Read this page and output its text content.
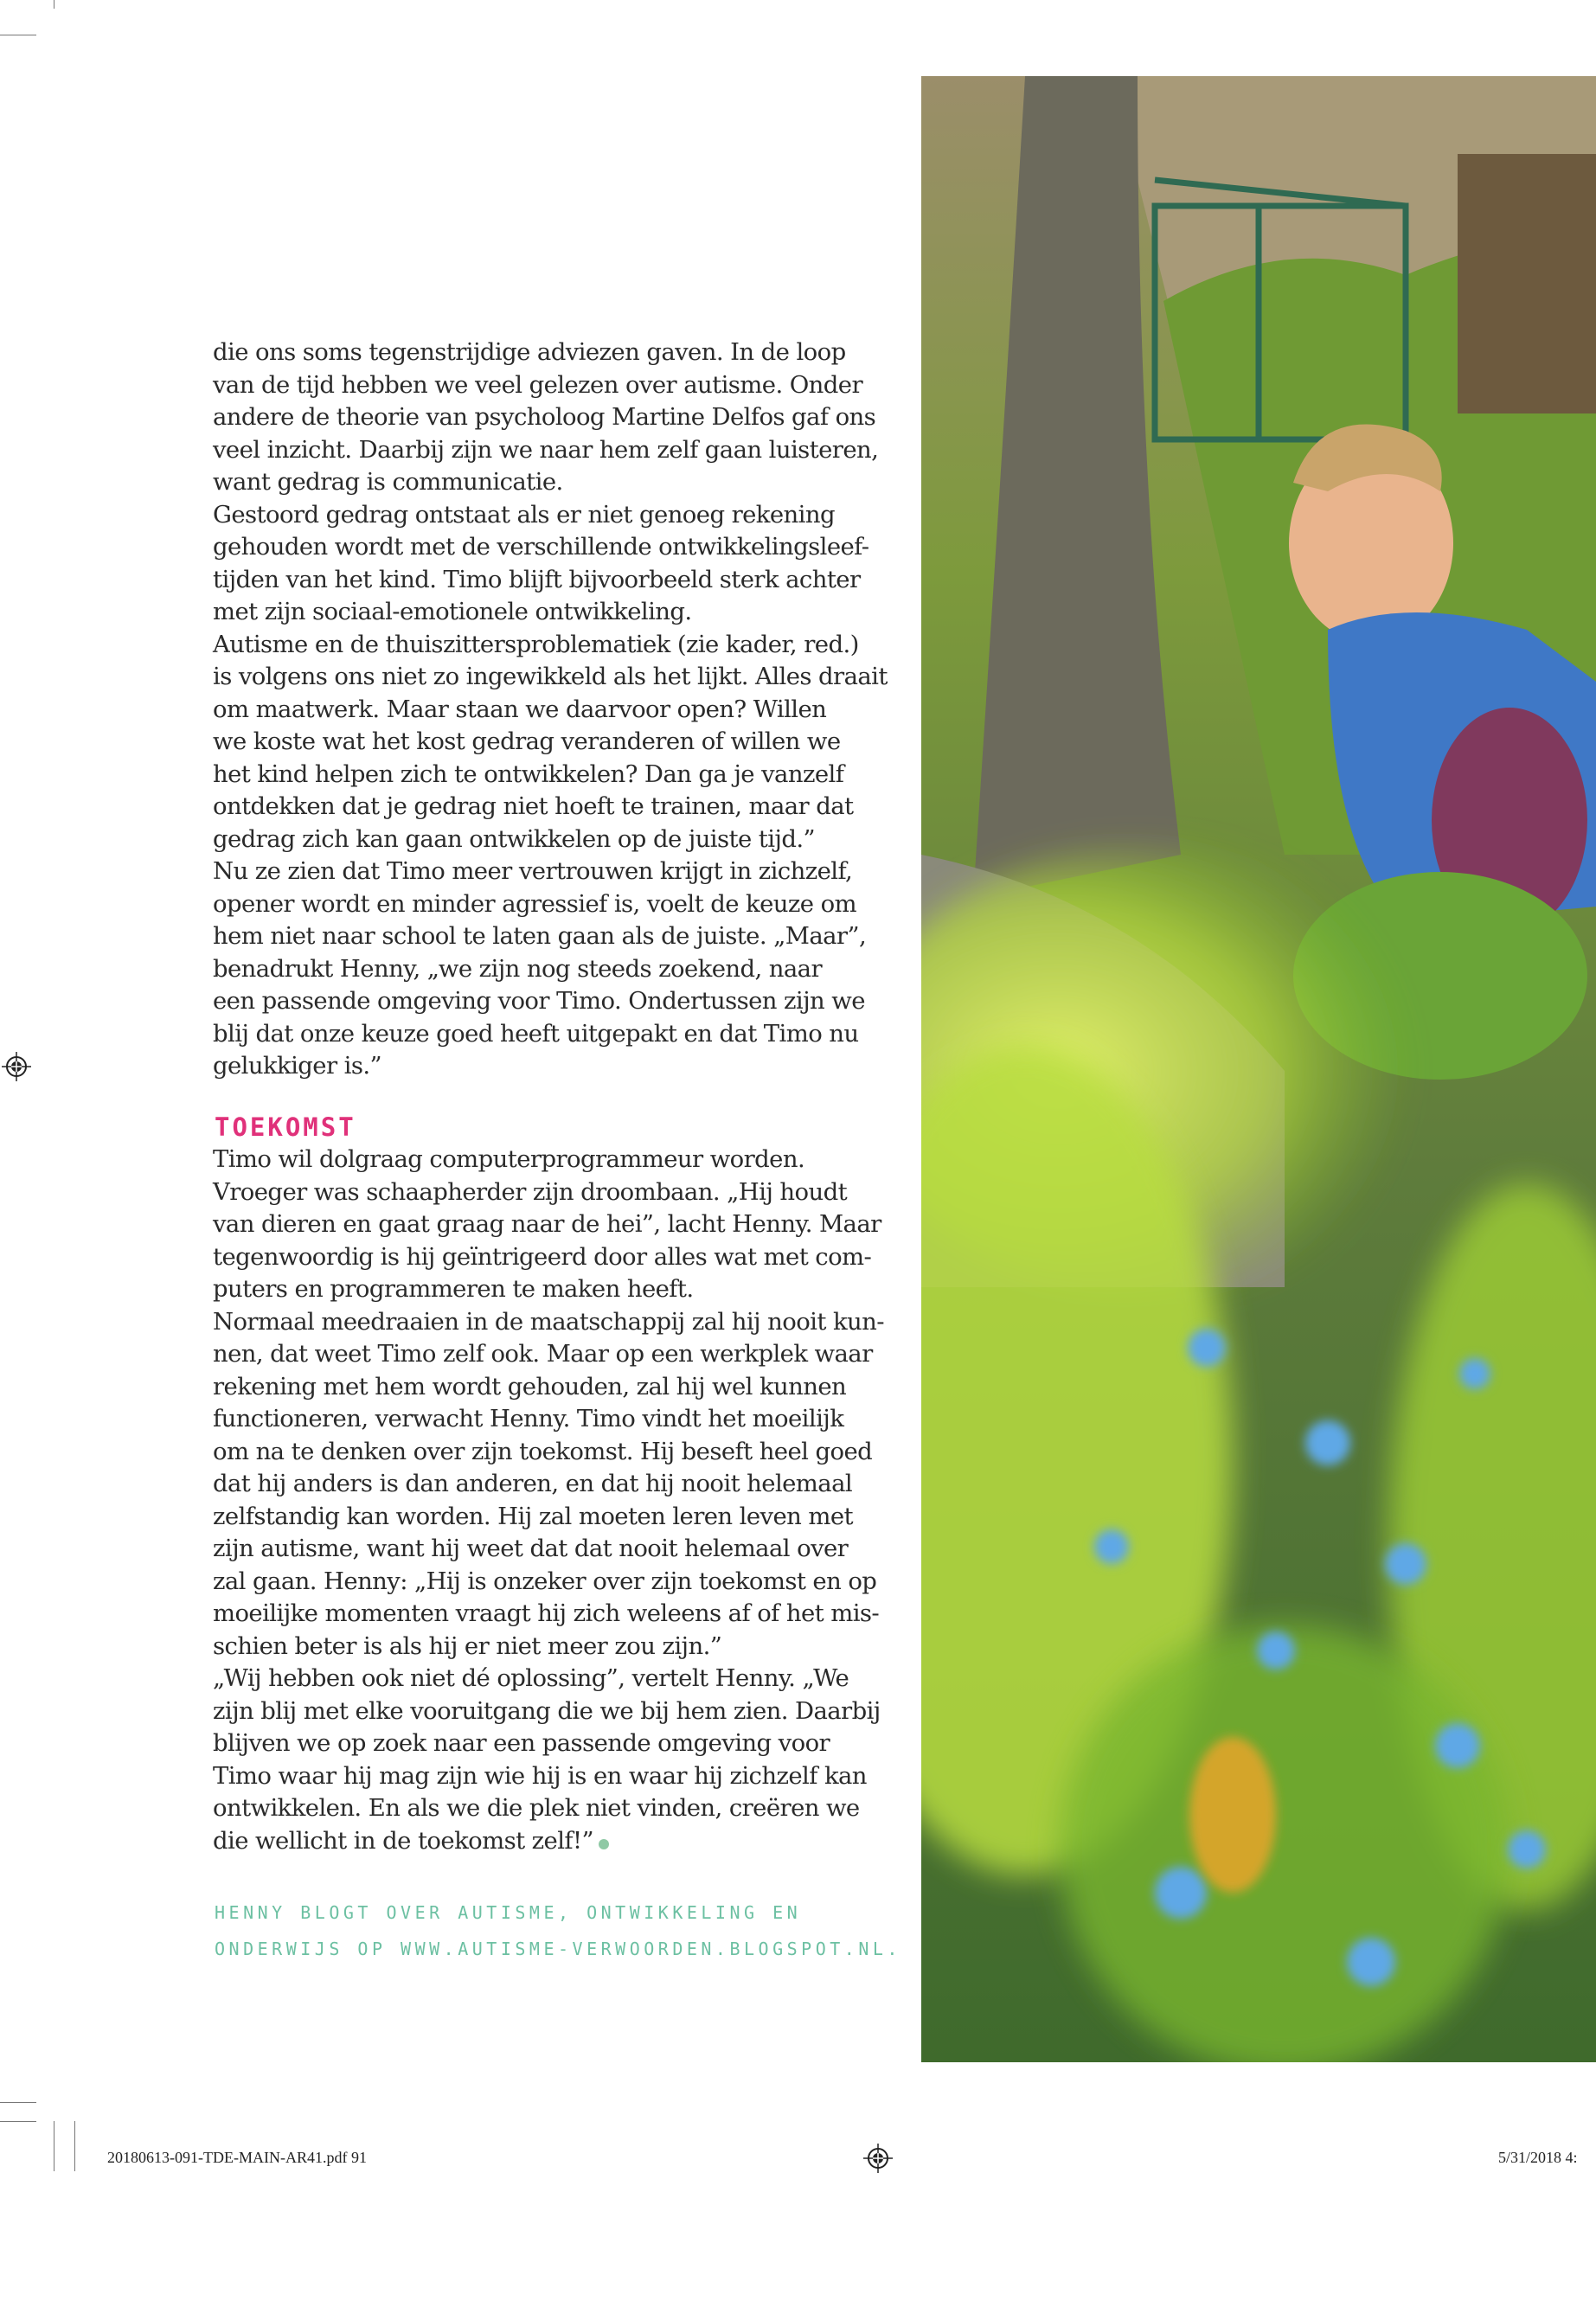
die ons soms tegenstrijdige adviezen gaven. In de loop
van de tijd hebben we veel gelezen over autisme. Onder
andere de theorie van psycholoog Martine Delfos gaf ons
veel inzicht. Daarbij zijn we naar hem zelf gaan luisteren,
want gedrag is communicatie.
Gestoord gedrag ontstaat als er niet genoeg rekening
gehouden wordt met de verschillende ontwikkelingsleef-
tijden van het kind. Timo blijft bijvoorbeeld sterk achter
met zijn sociaal-emotionele ontwikkeling.
Autisme en de thuiszittersproblematiek (zie kader, red.)
is volgens ons niet zo ingewikkeld als het lijkt. Alles draait
om maatwerk. Maar staan we daarvoor open? Willen
we koste wat het kost gedrag veranderen of willen we
het kind helpen zich te ontwikkelen? Dan ga je vanzelf
ontdekken dat je gedrag niet hoeft te trainen, maar dat
gedrag zich kan gaan ontwikkelen op de juiste tijd.”
Nu ze zien dat Timo meer vertrouwen krijgt in zichzelf,
opener wordt en minder agressief is, voelt de keuze om
hem niet naar school te laten gaan als de juiste. „Maar”,
benadrukt Henny, „we zijn nog steeds zoekend, naar
een passende omgeving voor Timo. Ondertussen zijn we
blij dat onze keuze goed heeft uitgepakt en dat Timo nu
gelukkiger is.”
TOEKOMST
Timo wil dolgraag computerprogrammeur worden.
Vroeger was schaapherder zijn droombaan. „Hij houdt
van dieren en gaat graag naar de hei”, lacht Henny. Maar
tegenwoordig is hij geïntrigeerd door alles wat met com-
puters en programmeren te maken heeft.
Normaal meedraaien in de maatschappij zal hij nooit kun-
nen, dat weet Timo zelf ook. Maar op een werkplek waar
rekening met hem wordt gehouden, zal hij wel kunnen
functioneren, verwacht Henny. Timo vindt het moeilijk
om na te denken over zijn toekomst. Hij beseft heel goed
dat hij anders is dan anderen, en dat hij nooit helemaal
zelfstandig kan worden. Hij zal moeten leren leven met
zijn autisme, want hij weet dat dat nooit helemaal over
zal gaan. Henny: „Hij is onzeker over zijn toekomst en op
moeilijke momenten vraagt hij zich weleens af of het mis-
schien beter is als hij er niet meer zou zijn.”
„Wij hebben ook niet dé oplossing”, vertelt Henny. „We
zijn blij met elke vooruitgang die we bij hem zien. Daarbij
blijven we op zoek naar een passende omgeving voor
Timo waar hij mag zijn wie hij is en waar hij zichzelf kan
ontwikkelen. En als we die plek niet vinden, creëren we
die wellicht in de toekomst zelf!”
HENNY BLOGT OVER AUTISME, ONTWIKKELING EN
ONDERWIJS OP WWW.AUTISME-VERWOORDEN.BLOGSPOT.NL.
20180613-091-TDE-MAIN-AR41.pdf 91	5/31/2018 4:
